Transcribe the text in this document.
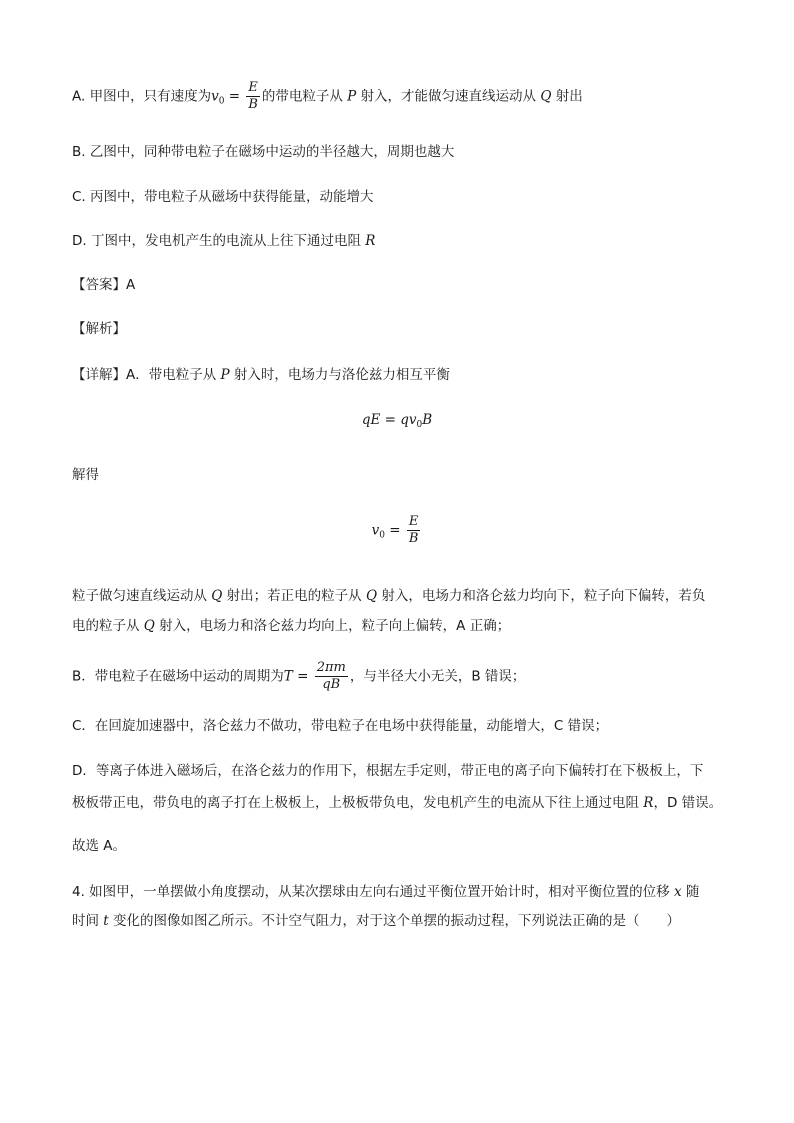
A. 甲图中，只有速度为$v_0 = \frac{E}{B}$ 的带电粒子从 P 射入，才能做匀速直线运动从 Q 射出
B. 乙图中，同种带电粒子在磁场中运动的半径越大，周期也越大
C. 丙图中，带电粒子从磁场中获得能量，动能增大
D. 丁图中，发电机产生的电流从上往下通过电阻 R
【答案】A
【解析】
【详解】A．带电粒子从 P 射入时，电场力与洛伦兹力相互平衡
qE = $qv_0B$
解得
$v_0 = \frac{E}{B}$
粒子做匀速直线运动从 Q 射出；若正电的粒子从 Q 射入，电场力和洛仑兹力均向下，粒子向下偏转，若负
电的粒子从 Q 射入，电场力和洛仑兹力均向上，粒子向上偏转，A 正确；
B．带电粒子在磁场中运动的周期为$T = \frac{2\pi m}{qB}$ ，与半径大小无关，B 错误；
C．在回旋加速器中，洛仑兹力不做功，带电粒子在电场中获得能量，动能增大，C 错误；
D．等离子体进入磁场后，在洛仑兹力的作用下，根据左手定则，带正电的离子向下偏转打在下极板上，下
极板带正电，带负电的离子打在上极板上，上极板带负电，发电机产生的电流从下往上通过电阻 R，D 错误。
故选 A。
4. 如图甲，一单摆做小角度摆动，从某次摆球由左向右通过平衡位置开始计时，相对平衡位置的位移 x 随
时间 t 变化的图像如图乙所示。不计空气阻力，对于这个单摆的振动过程，下列说法正确的是（　　）
